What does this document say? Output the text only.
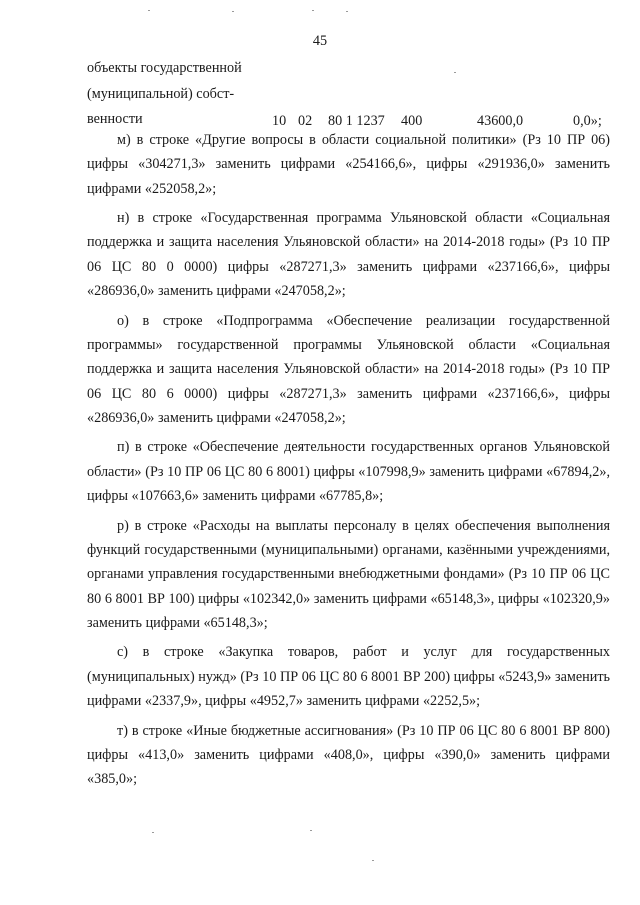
45
объекты государственной
(муниципальной) собст-
венности	10 02 80 1 1237 400	43600,0	0,0»;

м) в строке «Другие вопросы в области социальной политики» (Рз 10 ПР 06) цифры «304271,3» заменить цифрами «254166,6», цифры «291936,0» заменить цифрами «252058,2»;

н) в строке «Государственная программа Ульяновской области «Социальная поддержка и защита населения Ульяновской области» на 2014-2018 годы» (Рз 10 ПР 06 ЦС 80 0 0000) цифры «287271,3» заменить цифрами «237166,6», цифры «286936,0» заменить цифрами «247058,2»;

о) в строке «Подпрограмма «Обеспечение реализации государственной программы» государственной программы Ульяновской области «Социальная поддержка и защита населения Ульяновской области» на 2014-2018 годы» (Рз 10 ПР 06 ЦС 80 6 0000) цифры «287271,3» заменить цифрами «237166,6», цифры «286936,0» заменить цифрами «247058,2»;

п) в строке «Обеспечение деятельности государственных органов Ульяновской области» (Рз 10 ПР 06 ЦС 80 6 8001) цифры «107998,9» заменить цифрами «67894,2», цифры «107663,6» заменить цифрами «67785,8»;

р) в строке «Расходы на выплаты персоналу в целях обеспечения выполнения функций государственными (муниципальными) органами, казёнными учреждениями, органами управления государственными внебюджетными фондами» (Рз 10 ПР 06 ЦС 80 6 8001 ВР 100) цифры «102342,0» заменить цифрами «65148,3», цифры «102320,9» заменить цифрами «65148,3»;

с) в строке «Закупка товаров, работ и услуг для государственных (муниципальных) нужд» (Рз 10 ПР 06 ЦС 80 6 8001 ВР 200) цифры «5243,9» заменить цифрами «2337,9», цифры «4952,7» заменить цифрами «2252,5»;

т) в строке «Иные бюджетные ассигнования» (Рз 10 ПР 06 ЦС 80 6 8001 ВР 800) цифры «413,0» заменить цифрами «408,0», цифры «390,0» заменить цифрами «385,0»;
